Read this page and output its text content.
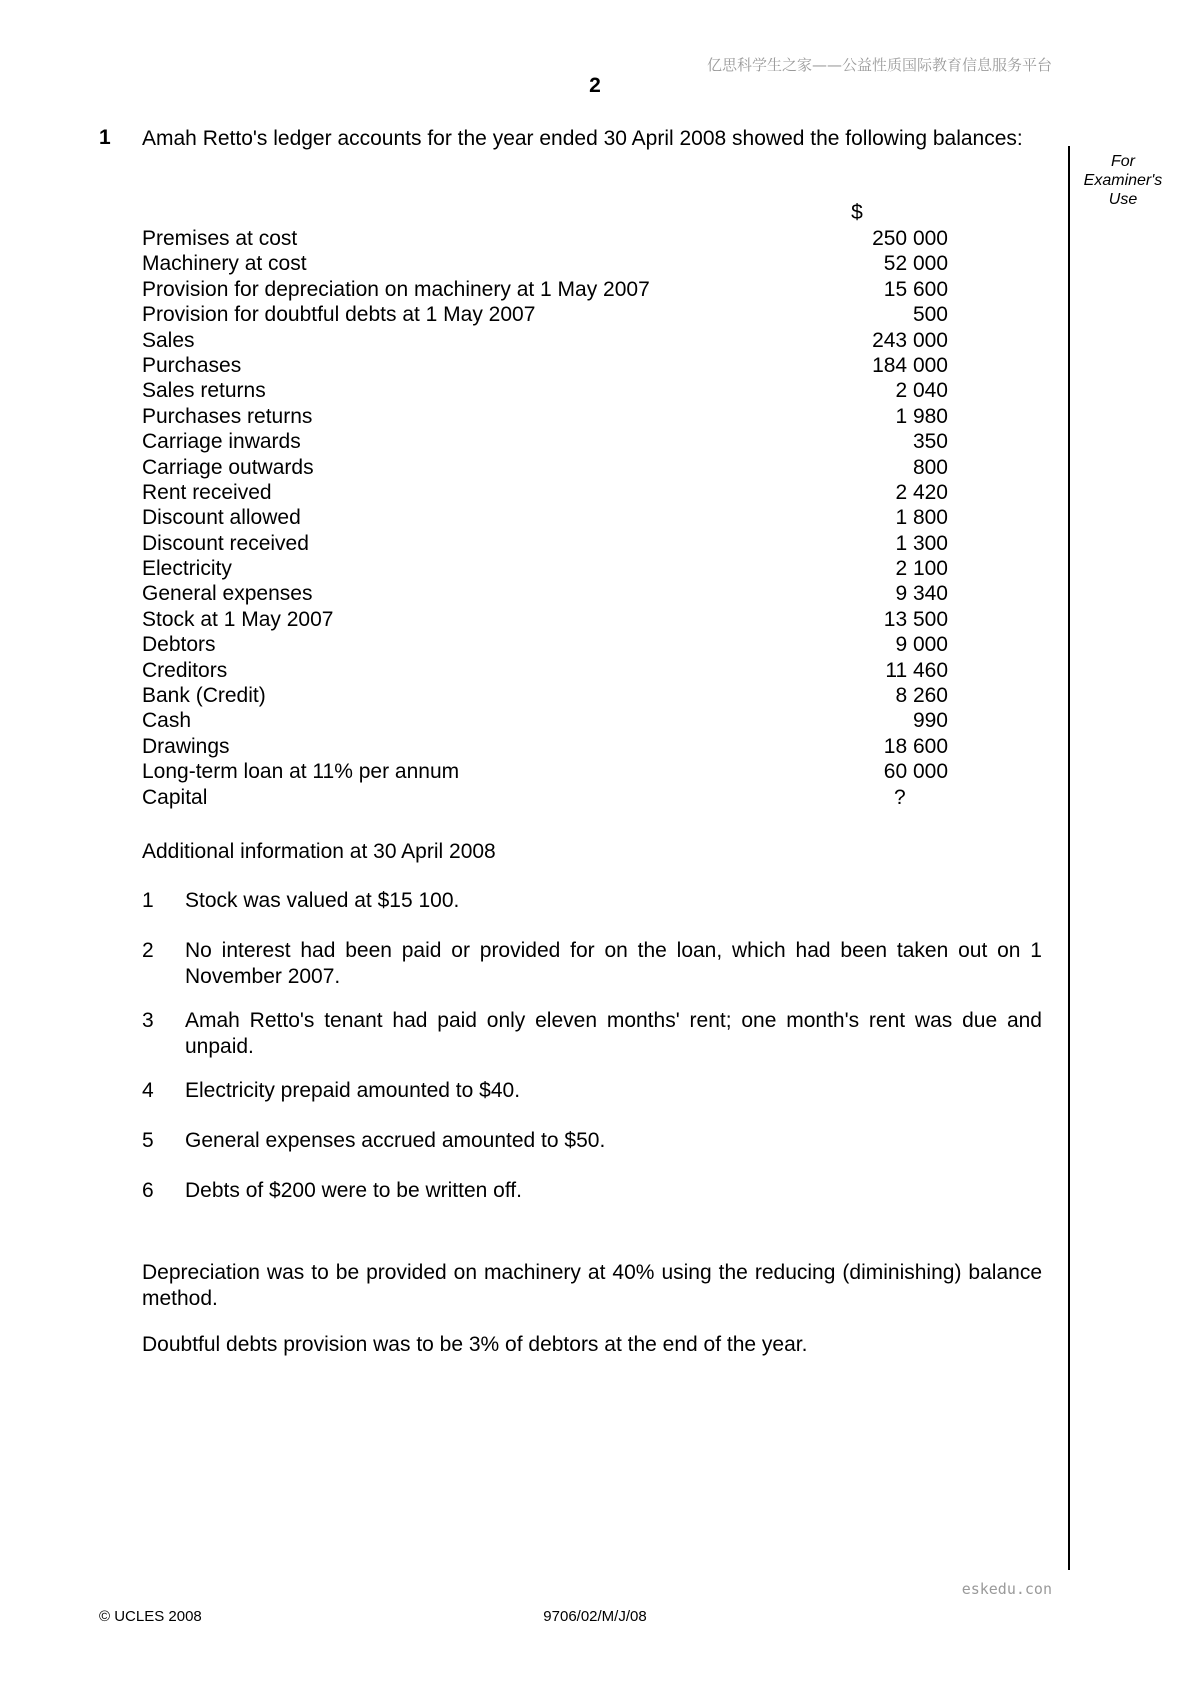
亿思科学生之家——公益性质国际教育信息服务平台
2
1 Amah Retto's ledger accounts for the year ended 30 April 2008 showed the following balances:
For
Examiner's
Use
$
Premises at cost	250 000
Machinery at cost	52 000
Provision for depreciation on machinery at 1 May 2007	15 600
Provision for doubtful debts at 1 May 2007	500
Sales	243 000
Purchases	184 000
Sales returns	2 040
Purchases returns	1 980
Carriage inwards	350
Carriage outwards	800
Rent received	2 420
Discount allowed	1 800
Discount received	1 300
Electricity	2 100
General expenses	9 340
Stock at 1 May 2007	13 500
Debtors	9 000
Creditors	11 460
Bank (Credit)	8 260
Cash	990
Drawings	18 600
Long-term loan at 11% per annum	60 000
Capital	?
Additional information at 30 April 2008
1 Stock was valued at $15 100.
2 No interest had been paid or provided for on the loan, which had been taken out on 1 November 2007.
3 Amah Retto's tenant had paid only eleven months' rent; one month's rent was due and unpaid.
4 Electricity prepaid amounted to $40.
5 General expenses accrued amounted to $50.
6 Debts of $200 were to be written off.
Depreciation was to be provided on machinery at 40% using the reducing (diminishing) balance method.
Doubtful debts provision was to be 3% of debtors at the end of the year.
eskedu.con
© UCLES 2008	9706/02/M/J/08
